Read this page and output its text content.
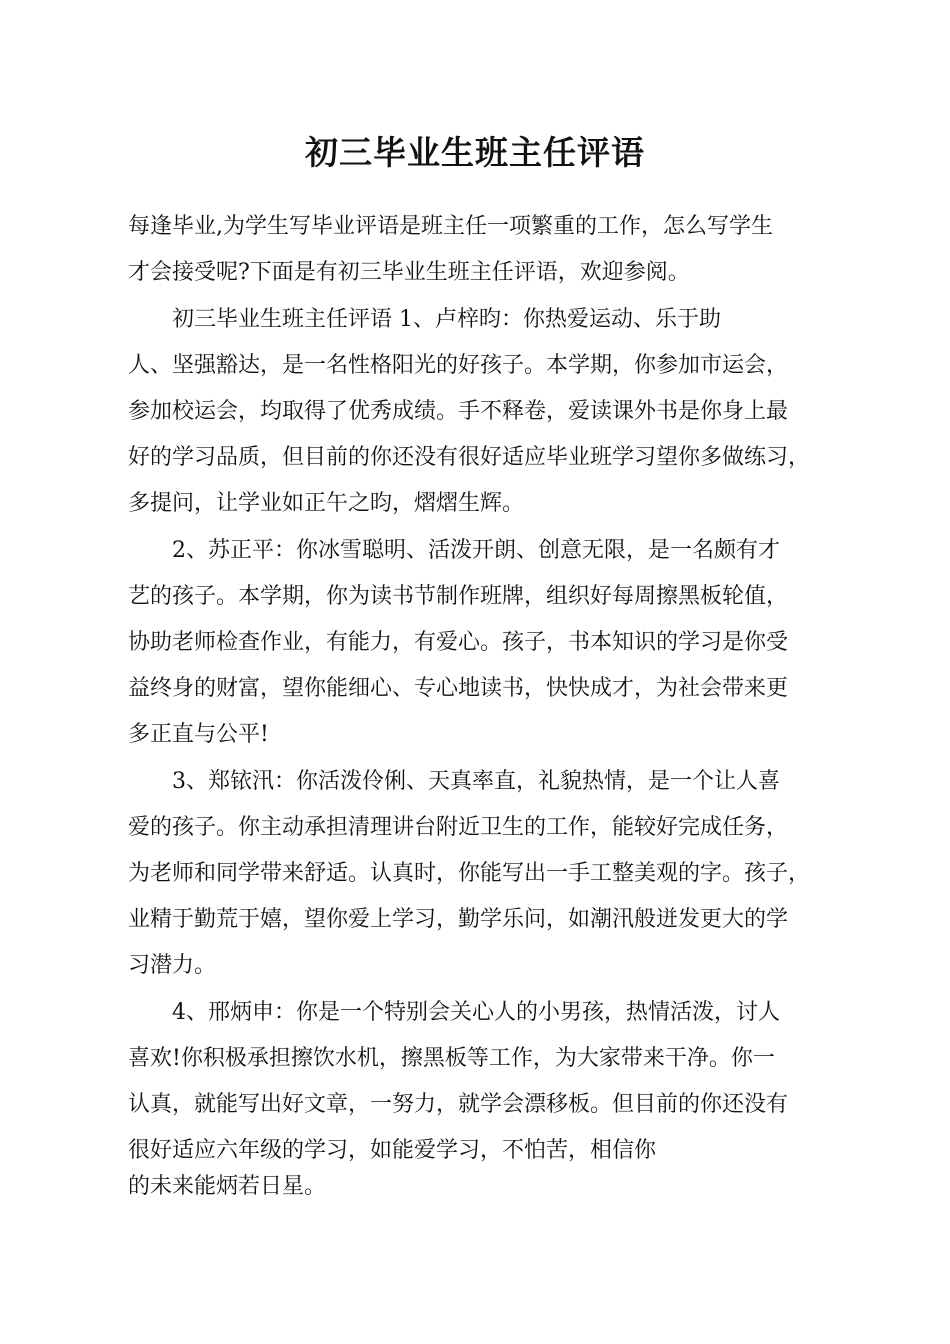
初三毕业生班主任评语
每逢毕业,为学生写毕业评语是班主任一项繁重的工作，怎么写学生
才会接受呢?下面是有初三毕业生班主任评语，欢迎参阅。
初三毕业生班主任评语 1、卢梓昀：你热爱运动、乐于助
人、坚强豁达，是一名性格阳光的好孩子。本学期，你参加市运会，
参加校运会，均取得了优秀成绩。手不释卷，爱读课外书是你身上最
好的学习品质，但目前的你还没有很好适应毕业班学习望你多做练习，
多提问，让学业如正午之昀，熠熠生辉。
2、苏正平：你冰雪聪明、活泼开朗、创意无限，是一名颇有才
艺的孩子。本学期，你为读书节制作班牌，组织好每周擦黑板轮值，
协助老师检查作业，有能力，有爱心。孩子，书本知识的学习是你受
益终身的财富，望你能细心、专心地读书，快快成才，为社会带来更
多正直与公平!
3、郑铱汛：你活泼伶俐、天真率直，礼貌热情，是一个让人喜
爱的孩子。你主动承担清理讲台附近卫生的工作，能较好完成任务，
为老师和同学带来舒适。认真时，你能写出一手工整美观的字。孩子，
业精于勤荒于嬉，望你爱上学习，勤学乐问，如潮汛般迸发更大的学
习潜力。
4、邢炳申：你是一个特别会关心人的小男孩，热情活泼，讨人
喜欢!你积极承担擦饮水机，擦黑板等工作，为大家带来干净。你一
认真，就能写出好文章，一努力，就学会漂移板。但目前的你还没有
很好适应六年级的学习，如能爱学习，不怕苦，相信你
的未来能炳若日星。
